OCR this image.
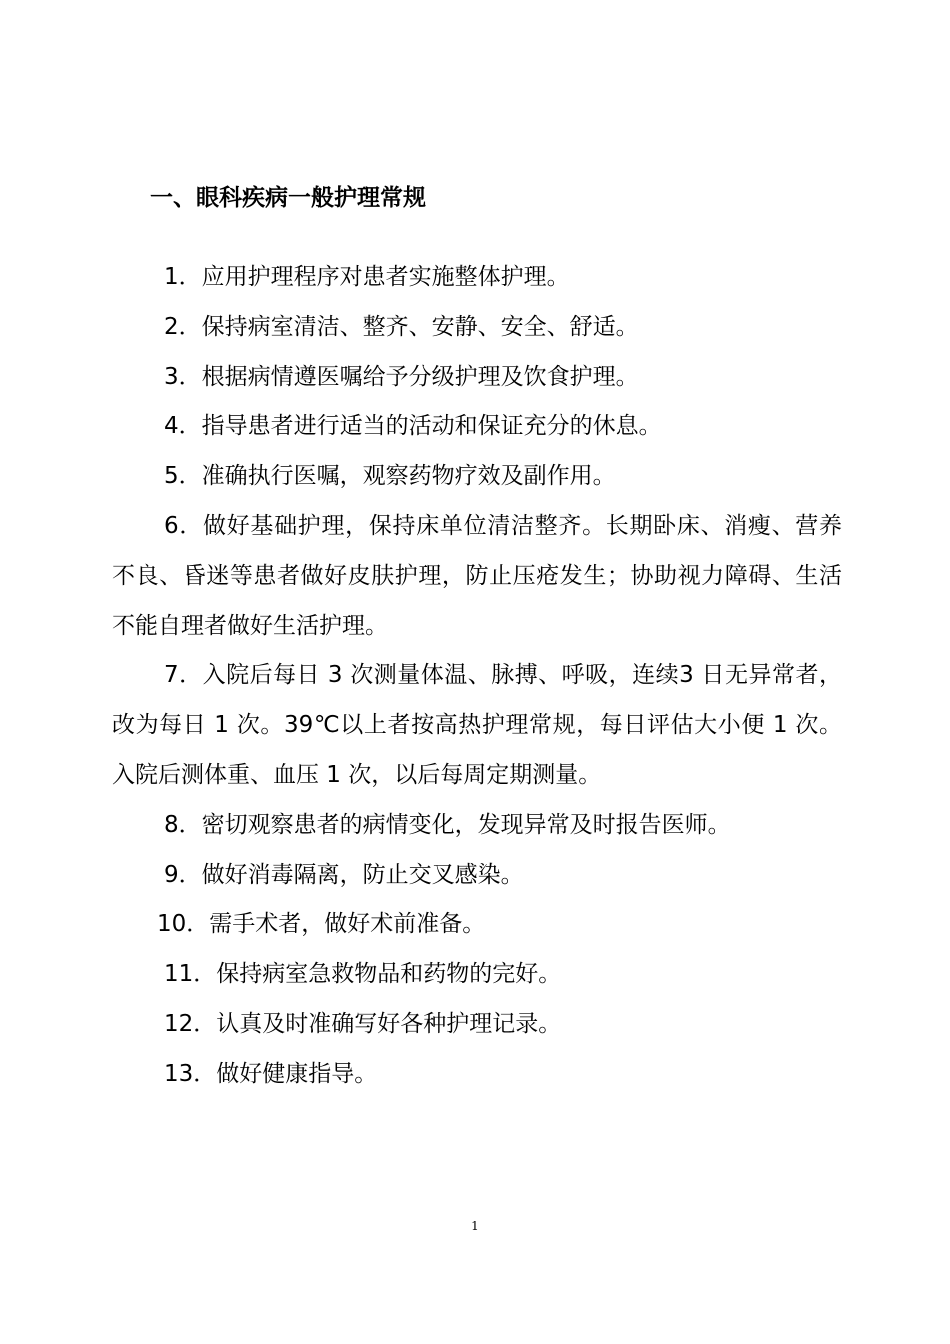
一、眼科疾病一般护理常规

1．应用护理程序对患者实施整体护理。

2．保持病室清洁、整齐、安静、安全、舒适。

3．根据病情遵医嘱给予分级护理及饮食护理。

4．指导患者进行适当的活动和保证充分的休息。

5．准确执行医嘱，观察药物疗效及副作用。

6．做好基础护理，保持床单位清洁整齐。长期卧床、消瘦、营养不良、昏迷等患者做好皮肤护理，防止压疮发生；协助视力障碍、生活不能自理者做好生活护理。

7．入院后每日 3 次测量体温、脉搏、呼吸，连续3 日无异常者，改为每日 1 次。39℃以上者按高热护理常规，每日评估大小便 1 次。入院后测体重、血压 1 次，以后每周定期测量。

8．密切观察患者的病情变化，发现异常及时报告医师。

9．做好消毒隔离，防止交叉感染。

10．需手术者，做好术前准备。

11．保持病室急救物品和药物的完好。

12．认真及时准确写好各种护理记录。

13．做好健康指导。

1
